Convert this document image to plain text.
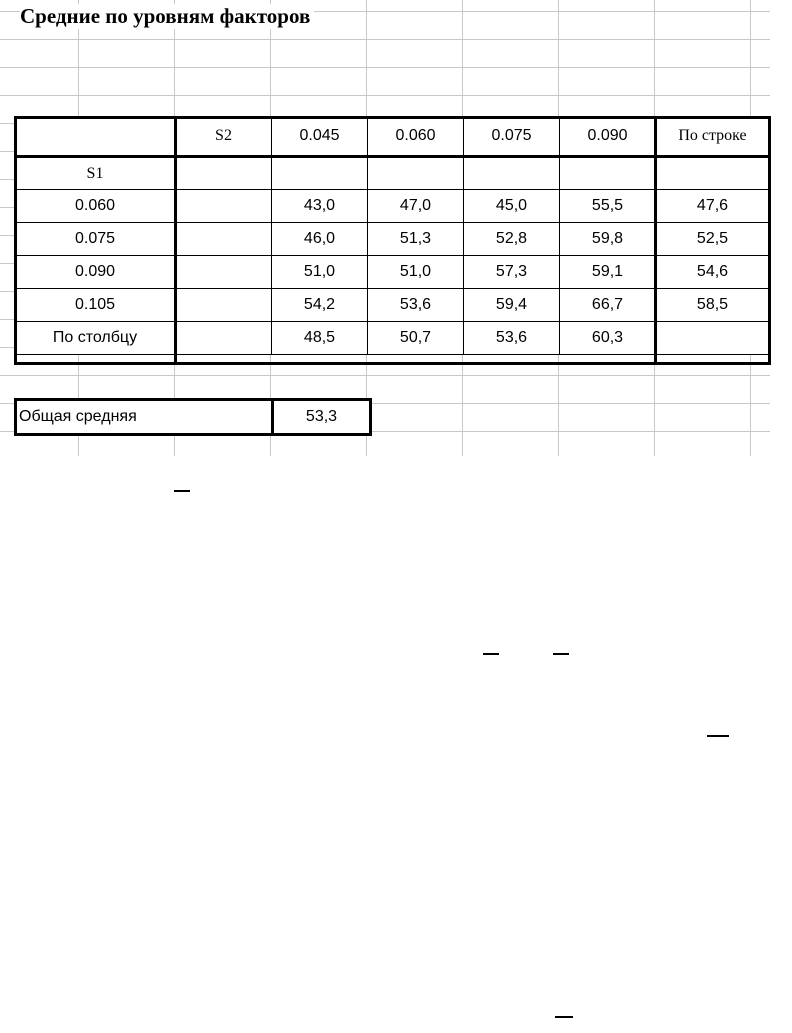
Средние по уровням факторов
	S2	0.045	0.060	0.075	0.090	По строке
S1						
0.060		43,0	47,0	45,0	55,5	47,6
0.075		46,0	51,3	52,8	59,8	52,5
0.090		51,0	51,0	57,3	59,1	54,6
0.105		54,2	53,6	59,4	66,7	58,5
По столбцу		48,5	50,7	53,6	60,3	
Общая средняя	53,3
